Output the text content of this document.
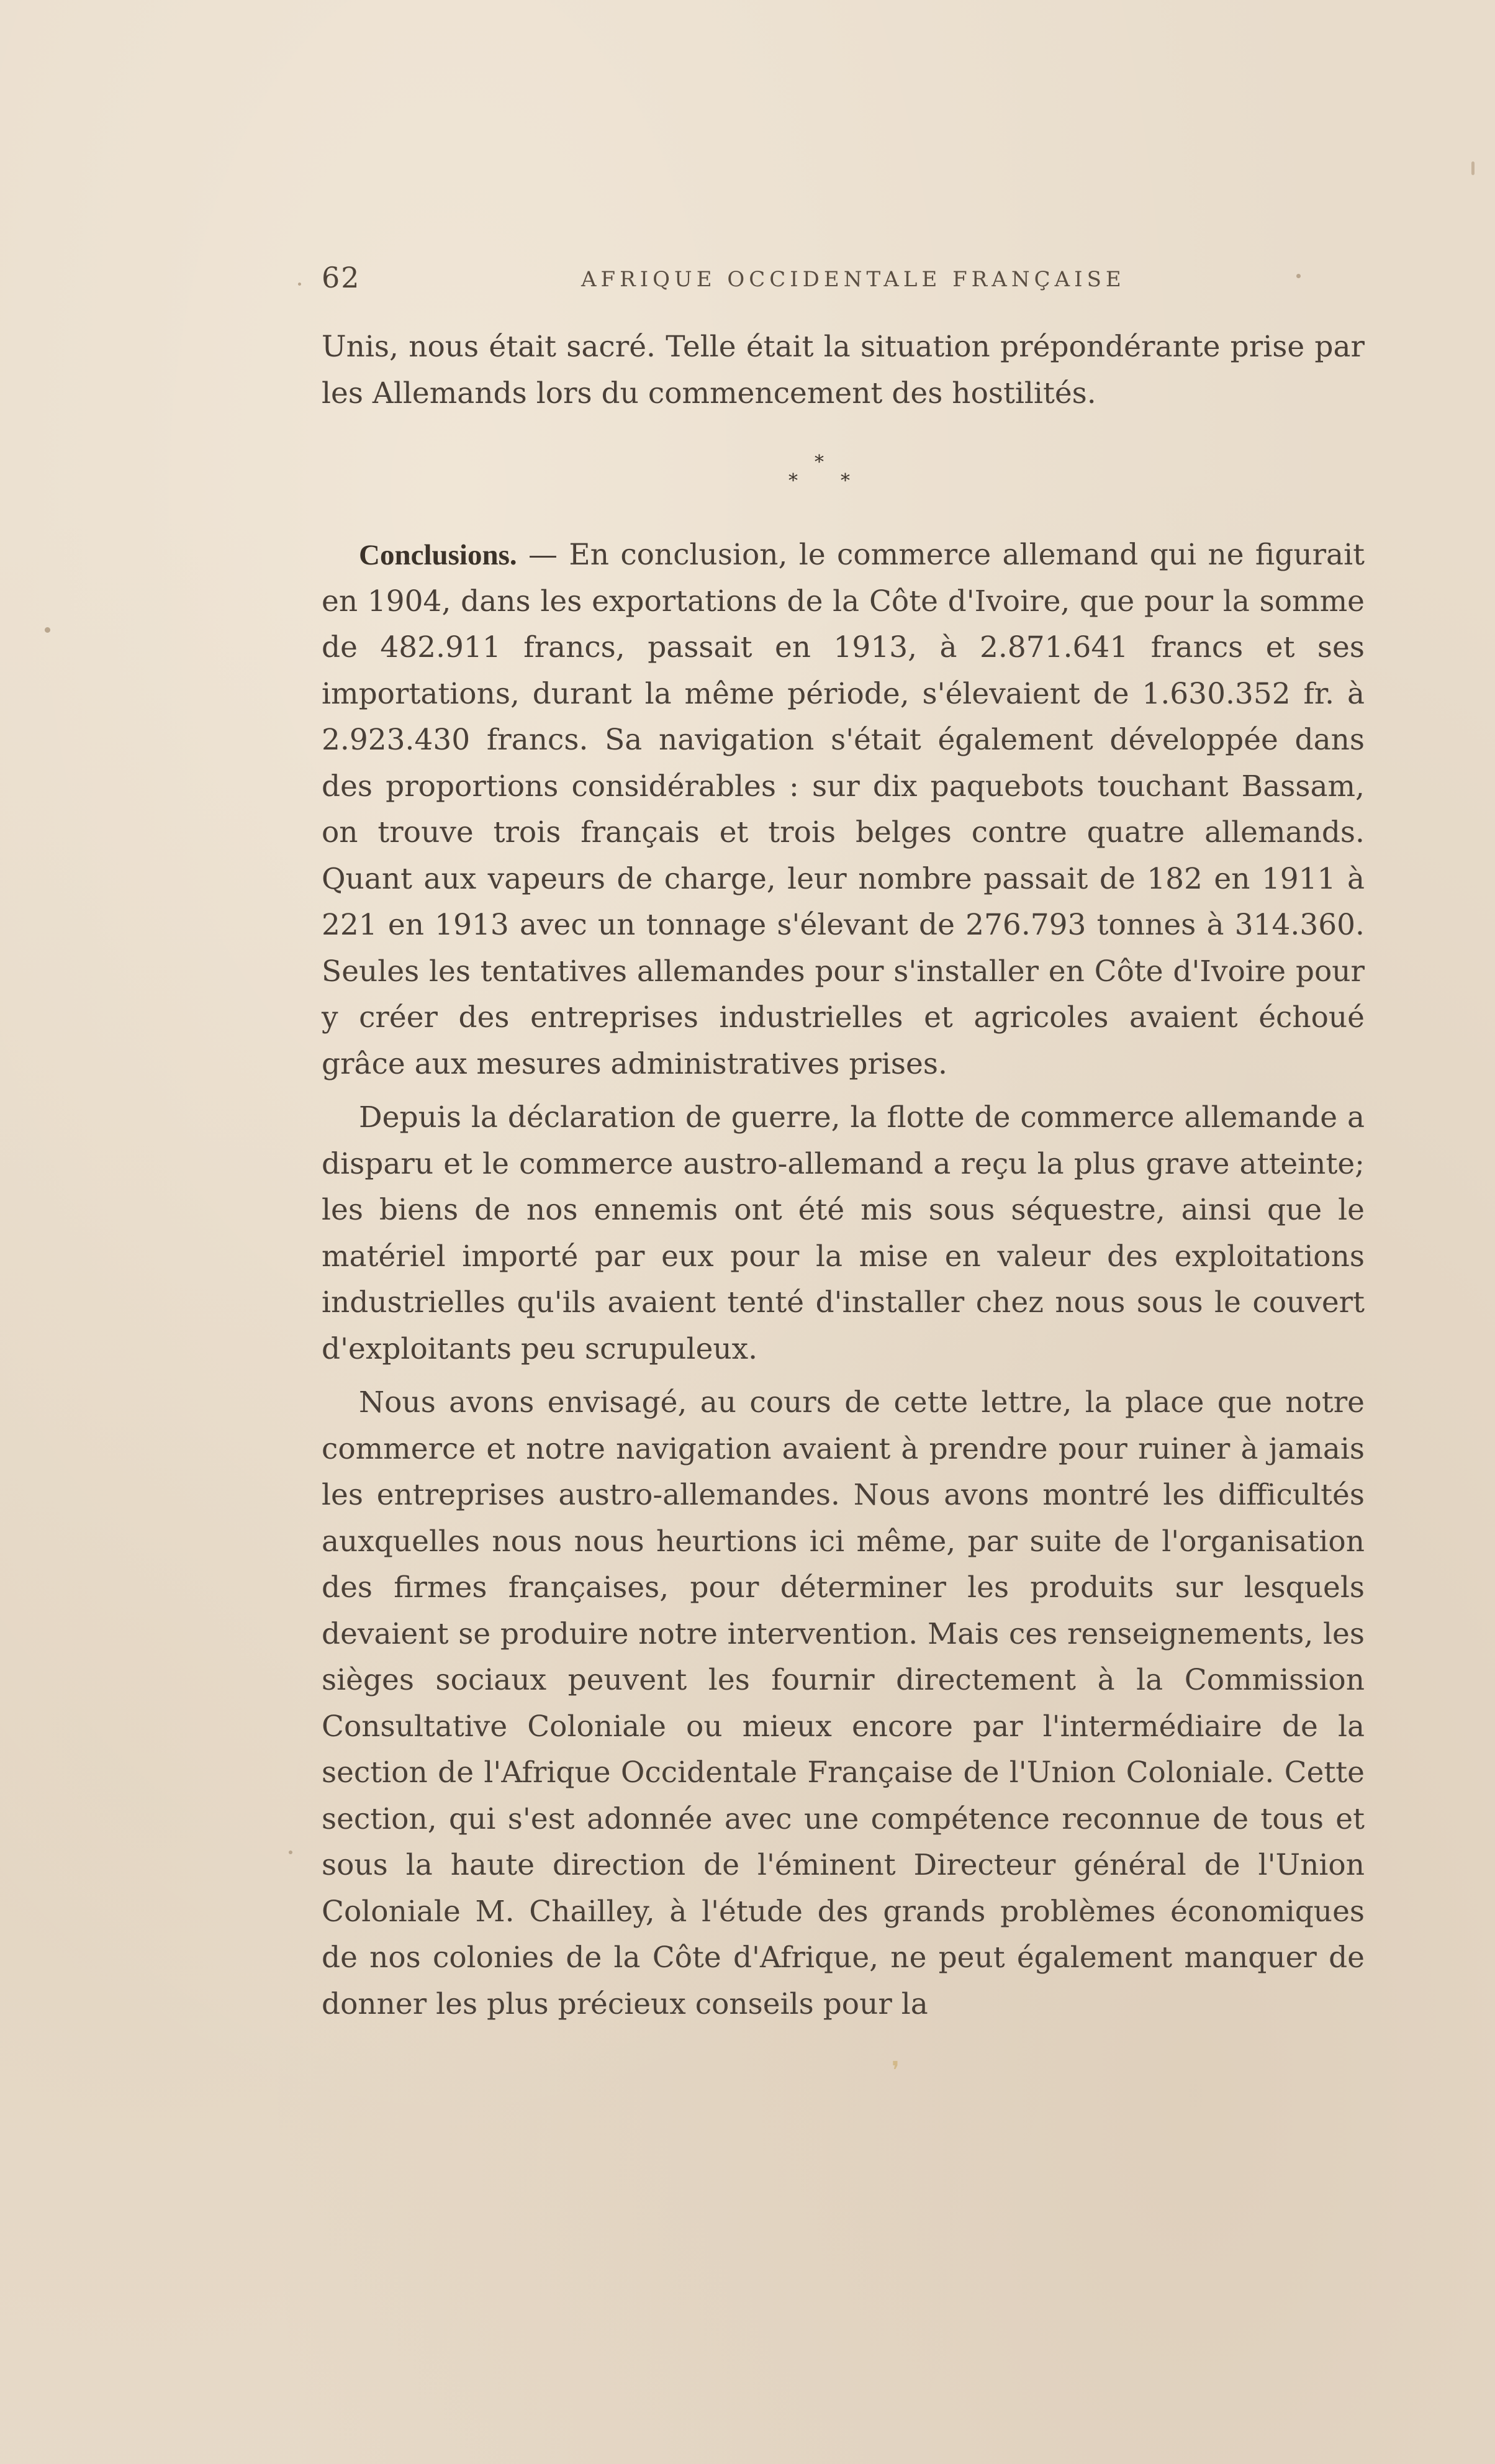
62	AFRIQUE OCCIDENTALE FRANÇAISE

Unis, nous était sacré. Telle était la situation prépondérante prise par les Allemands lors du commencement des hostilités.

*
* *

Conclusions. — En conclusion, le commerce allemand qui ne figurait en 1904, dans les exportations de la Côte d'Ivoire, que pour la somme de 482.911 francs, passait en 1913, à 2.871.641 francs et ses importations, durant la même période, s'élevaient de 1.630.352 fr. à 2.923.430 francs. Sa navigation s'était également développée dans des proportions considérables : sur dix paquebots touchant Bassam, on trouve trois français et trois belges contre quatre allemands. Quant aux vapeurs de charge, leur nombre passait de 182 en 1911 à 221 en 1913 avec un tonnage s'élevant de 276.793 tonnes à 314.360. Seules les tentatives allemandes pour s'installer en Côte d'Ivoire pour y créer des entreprises industrielles et agricoles avaient échoué grâce aux mesures administratives prises.

Depuis la déclaration de guerre, la flotte de commerce allemande a disparu et le commerce austro-allemand a reçu la plus grave atteinte; les biens de nos ennemis ont été mis sous séquestre, ainsi que le matériel importé par eux pour la mise en valeur des exploitations industrielles qu'ils avaient tenté d'installer chez nous sous le couvert d'exploitants peu scrupuleux.

Nous avons envisagé, au cours de cette lettre, la place que notre commerce et notre navigation avaient à prendre pour ruiner à jamais les entreprises austro-allemandes. Nous avons montré les difficultés auxquelles nous nous heurtions ici même, par suite de l'organisation des firmes françaises, pour déterminer les produits sur lesquels devaient se produire notre intervention. Mais ces renseignements, les sièges sociaux peuvent les fournir directement à la Commission Consultative Coloniale ou mieux encore par l'intermédiaire de la section de l'Afrique Occidentale Française de l'Union Coloniale. Cette section, qui s'est adonnée avec une compétence reconnue de tous et sous la haute direction de l'éminent Directeur général de l'Union Coloniale M. Chailley, à l'étude des grands problèmes économiques de nos colonies de la Côte d'Afrique, ne peut également manquer de donner les plus précieux conseils pour la

❜
